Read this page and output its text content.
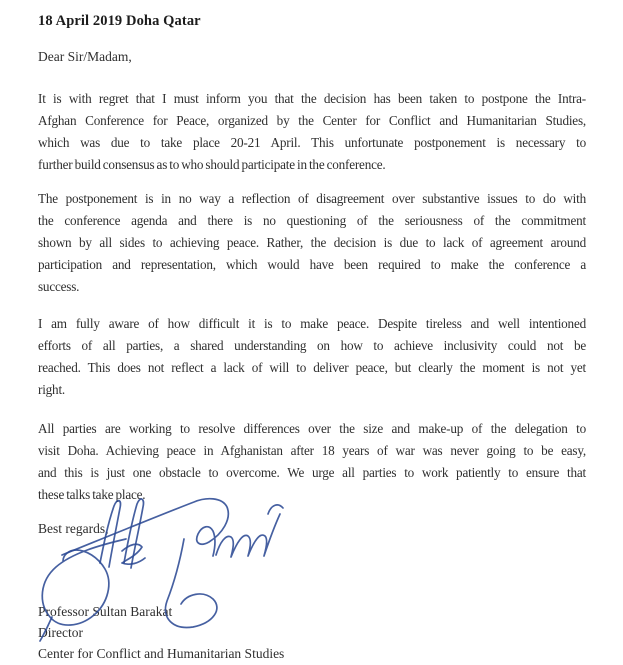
18 April 2019 Doha Qatar
Dear Sir/Madam,
It is with regret that I must inform you that the decision has been taken to postpone the Intra-
Afghan Conference for Peace, organized by the Center for Conflict and Humanitarian Studies,
which was due to take place 20-21 April. This unfortunate postponement is necessary to
further build consensus as to who should participate in the conference.
The postponement is in no way a reflection of disagreement over substantive issues to do with
the conference agenda and there is no questioning of the seriousness of the commitment
shown by all sides to achieving peace. Rather, the decision is due to lack of agreement around
participation and representation, which would have been required to make the conference a
success.
I am fully aware of how difficult it is to make peace. Despite tireless and well intentioned
efforts of all parties, a shared understanding on how to achieve inclusivity could not be
reached. This does not reflect a lack of will to deliver peace, but clearly the moment is not yet
right.
All parties are working to resolve differences over the size and make-up of the delegation to
visit Doha. Achieving peace in Afghanistan after 18 years of war was never going to be easy,
and this is just one obstacle to overcome. We urge all parties to work patiently to ensure that
these talks take place.
Best regards,
Professor Sultan Barakat
Director
Center for Conflict and Humanitarian Studies
